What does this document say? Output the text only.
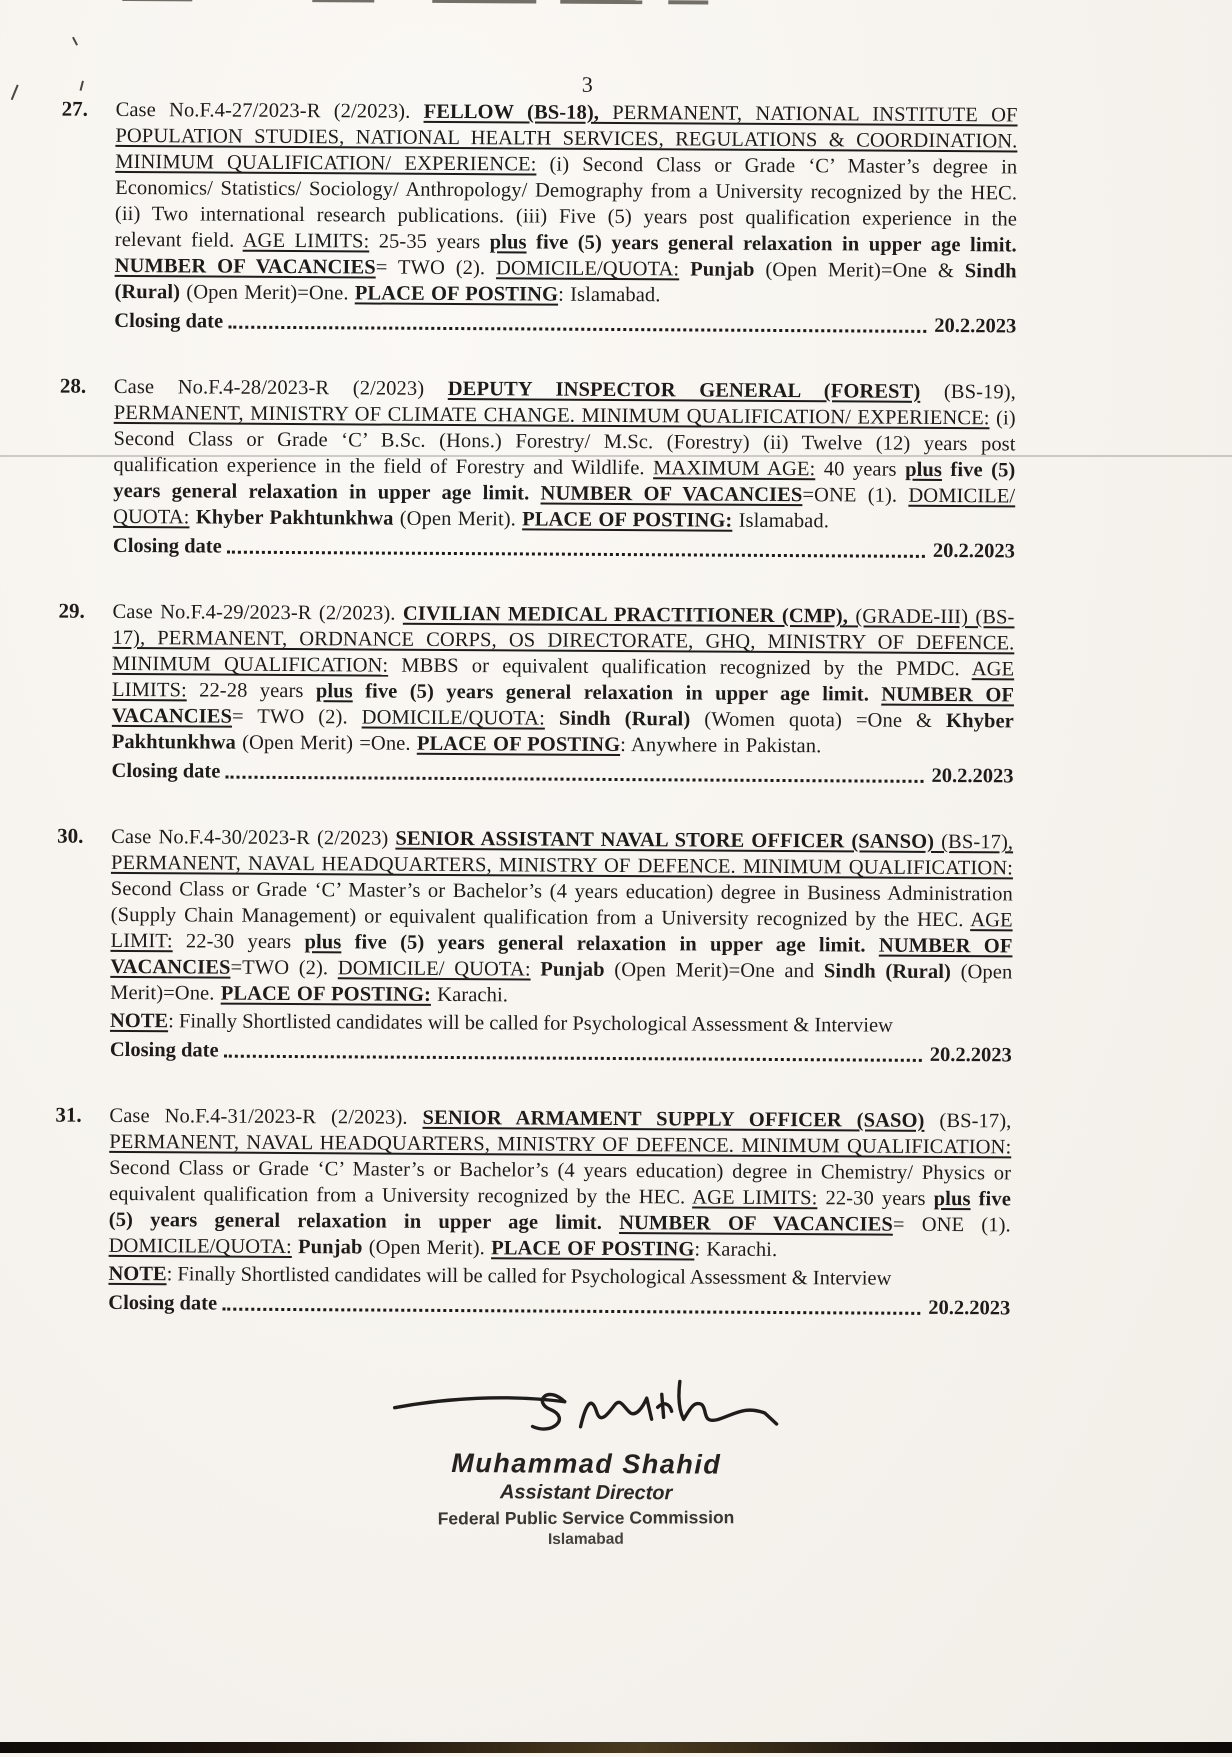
3
27.	Case No.F.4-27/2023-R (2/2023). FELLOW (BS-18), PERMANENT, NATIONAL INSTITUTE OF POPULATION STUDIES, NATIONAL HEALTH SERVICES, REGULATIONS & COORDINATION. MINIMUM QUALIFICATION/ EXPERIENCE: (i) Second Class or Grade ‘C’ Master’s degree in Economics/ Statistics/ Sociology/ Anthropology/ Demography from a University recognized by the HEC. (ii) Two international research publications. (iii) Five (5) years post qualification experience in the relevant field. AGE LIMITS: 25-35 years plus five (5) years general relaxation in upper age limit. NUMBER OF VACANCIES= TWO (2). DOMICILE/QUOTA: Punjab (Open Merit)=One & Sindh (Rural) (Open Merit)=One. PLACE OF POSTING: Islamabad.
Closing date	20.2.2023
28.	Case No.F.4-28/2023-R (2/2023) DEPUTY INSPECTOR GENERAL (FOREST) (BS-19), PERMANENT, MINISTRY OF CLIMATE CHANGE. MINIMUM QUALIFICATION/ EXPERIENCE: (i) Second Class or Grade ‘C’ B.Sc. (Hons.) Forestry/ M.Sc. (Forestry) (ii) Twelve (12) years post qualification experience in the field of Forestry and Wildlife. MAXIMUM AGE: 40 years plus five (5) years general relaxation in upper age limit. NUMBER OF VACANCIES=ONE (1). DOMICILE/ QUOTA: Khyber Pakhtunkhwa (Open Merit). PLACE OF POSTING: Islamabad.
Closing date	20.2.2023
29.	Case No.F.4-29/2023-R (2/2023). CIVILIAN MEDICAL PRACTITIONER (CMP), (GRADE-III) (BS-17), PERMANENT, ORDNANCE CORPS, OS DIRECTORATE, GHQ, MINISTRY OF DEFENCE. MINIMUM QUALIFICATION: MBBS or equivalent qualification recognized by the PMDC. AGE LIMITS: 22-28 years plus five (5) years general relaxation in upper age limit. NUMBER OF VACANCIES= TWO (2). DOMICILE/QUOTA: Sindh (Rural) (Women quota) =One & Khyber Pakhtunkhwa (Open Merit) =One. PLACE OF POSTING: Anywhere in Pakistan.
Closing date	20.2.2023
30.	Case No.F.4-30/2023-R (2/2023) SENIOR ASSISTANT NAVAL STORE OFFICER (SANSO) (BS-17), PERMANENT, NAVAL HEADQUARTERS, MINISTRY OF DEFENCE. MINIMUM QUALIFICATION: Second Class or Grade ‘C’ Master’s or Bachelor’s (4 years education) degree in Business Administration (Supply Chain Management) or equivalent qualification from a University recognized by the HEC. AGE LIMIT: 22-30 years plus five (5) years general relaxation in upper age limit. NUMBER OF VACANCIES=TWO (2). DOMICILE/ QUOTA: Punjab (Open Merit)=One and Sindh (Rural) (Open Merit)=One. PLACE OF POSTING: Karachi.
NOTE: Finally Shortlisted candidates will be called for Psychological Assessment & Interview
Closing date	20.2.2023
31.	Case No.F.4-31/2023-R (2/2023). SENIOR ARMAMENT SUPPLY OFFICER (SASO) (BS-17), PERMANENT, NAVAL HEADQUARTERS, MINISTRY OF DEFENCE. MINIMUM QUALIFICATION: Second Class or Grade ‘C’ Master’s or Bachelor’s (4 years education) degree in Chemistry/ Physics or equivalent qualification from a University recognized by the HEC. AGE LIMITS: 22-30 years plus five (5) years general relaxation in upper age limit. NUMBER OF VACANCIES= ONE (1). DOMICILE/QUOTA: Punjab (Open Merit). PLACE OF POSTING: Karachi.
NOTE: Finally Shortlisted candidates will be called for Psychological Assessment & Interview
Closing date	20.2.2023
Muhammad Shahid
Assistant Director
Federal Public Service Commission
Islamabad
